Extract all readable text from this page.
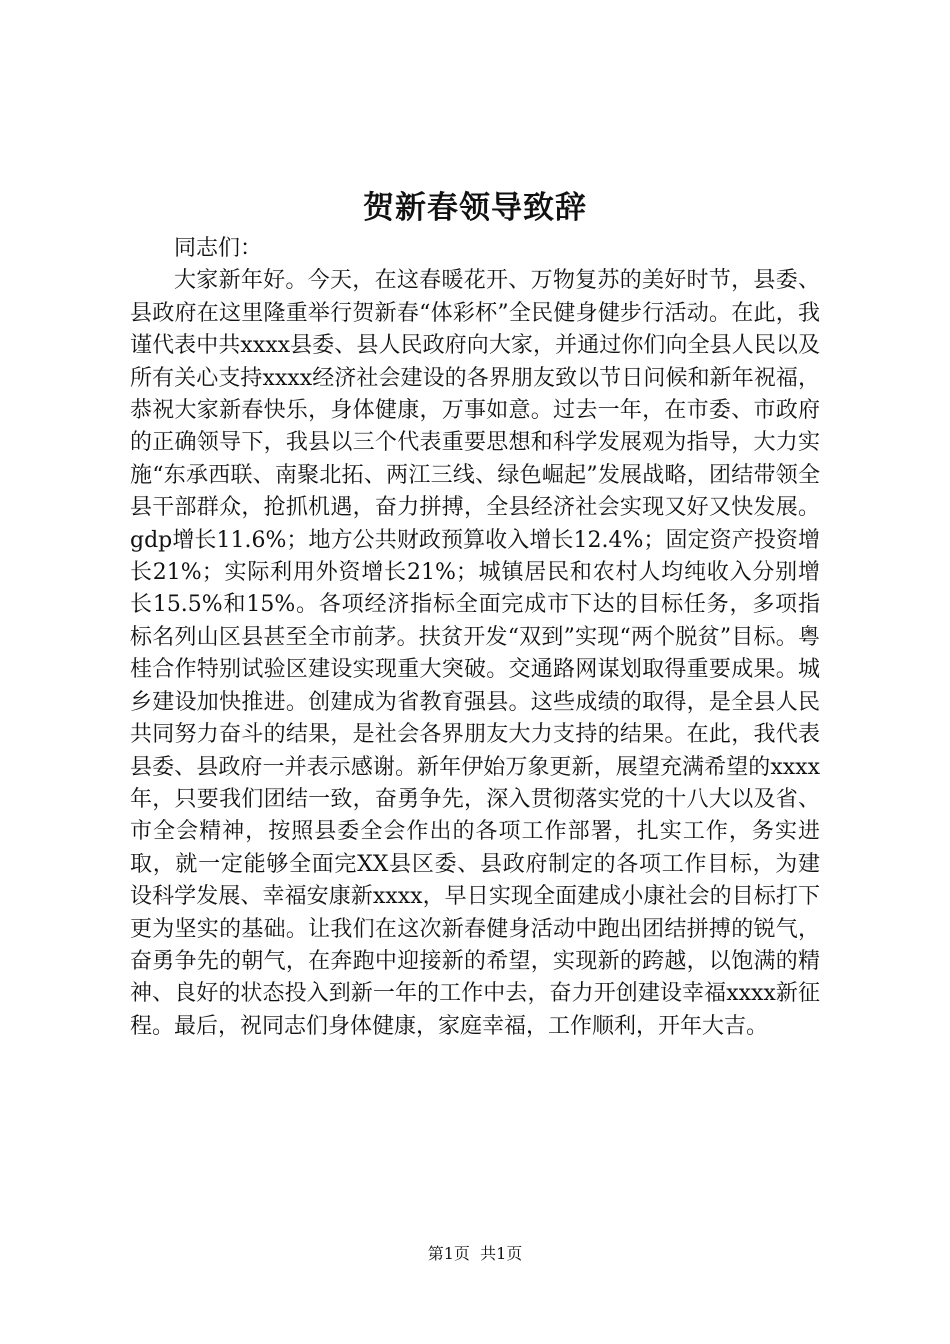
贺新春领导致辞

同志们：

大家新年好。今天，在这春暖花开、万物复苏的美好时节，县委、县政府在这里隆重举行贺新春“体彩杯”全民健身健步行活动。在此，我谨代表中共xxxx县委、县人民政府向大家，并通过你们向全县人民以及所有关心支持xxxx经济社会建设的各界朋友致以节日问候和新年祝福，恭祝大家新春快乐，身体健康，万事如意。过去一年，在市委、市政府的正确领导下，我县以三个代表重要思想和科学发展观为指导，大力实施“东承西联、南聚北拓、两江三线、绿色崛起”发展战略，团结带领全县干部群众，抢抓机遇，奋力拼搏，全县经济社会实现又好又快发展。gdp增长11.6%；地方公共财政预算收入增长12.4%；固定资产投资增长21%；实际利用外资增长21%；城镇居民和农村人均纯收入分别增长15.5%和15%。各项经济指标全面完成市下达的目标任务，多项指标名列山区县甚至全市前茅。扶贫开发“双到”实现“两个脱贫”目标。粤桂合作特别试验区建设实现重大突破。交通路网谋划取得重要成果。城乡建设加快推进。创建成为省教育强县。这些成绩的取得，是全县人民共同努力奋斗的结果，是社会各界朋友大力支持的结果。在此，我代表县委、县政府一并表示感谢。新年伊始万象更新，展望充满希望的xxxx年，只要我们团结一致，奋勇争先，深入贯彻落实党的十八大以及省、市全会精神，按照县委全会作出的各项工作部署，扎实工作，务实进取，就一定能够全面完XX县区委、县政府制定的各项工作目标，为建设科学发展、幸福安康新xxxx，早日实现全面建成小康社会的目标打下更为坚实的基础。让我们在这次新春健身活动中跑出团结拼搏的锐气，奋勇争先的朝气，在奔跑中迎接新的希望，实现新的跨越，以饱满的精神、良好的状态投入到新一年的工作中去，奋力开创建设幸福xxxx新征程。最后，祝同志们身体健康，家庭幸福，工作顺利，开年大吉。

第1页  共1页
